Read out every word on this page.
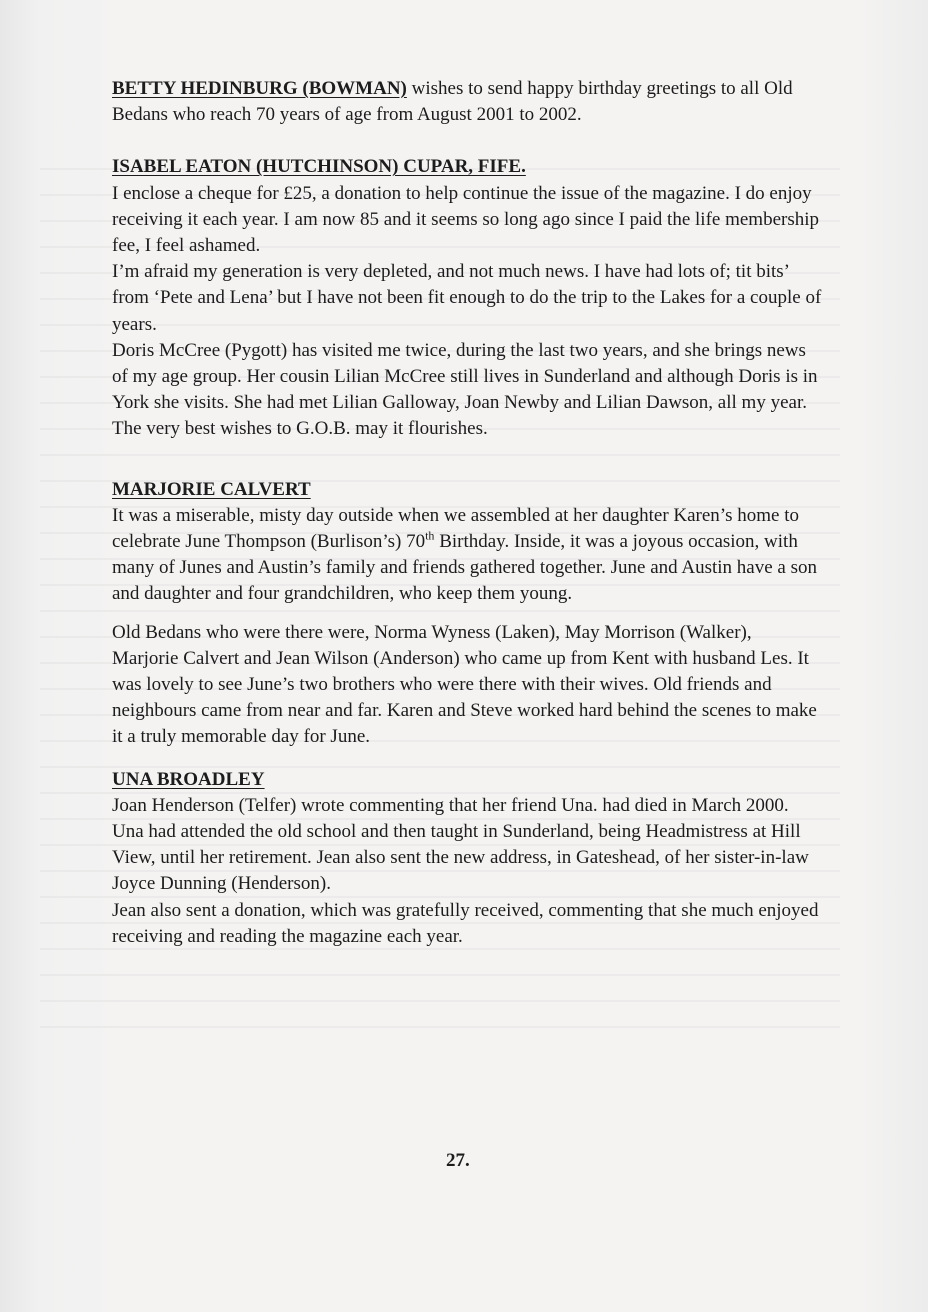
BETTY HEDINBURG (BOWMAN) wishes to send happy birthday greetings to all Old Bedans who reach 70 years of age from August 2001 to 2002.

ISABEL EATON (HUTCHINSON) CUPAR, FIFE.

I enclose a cheque for £25, a donation to help continue the issue of the magazine. I do enjoy receiving it each year. I am now 85 and it seems so long ago since I paid the life membership fee, I feel ashamed.

I’m afraid my generation is very depleted, and not much news. I have had lots of; tit bits’ from ‘Pete and Lena’ but I have not been fit enough to do the trip to the Lakes for a couple of years.

Doris McCree (Pygott) has visited me twice, during the last two years, and she brings news of my age group. Her cousin Lilian McCree still lives in Sunderland and although Doris is in York she visits. She had met Lilian Galloway, Joan Newby and Lilian Dawson, all my year.

The very best wishes to G.O.B. may it flourishes.

MARJORIE CALVERT

It was a miserable, misty day outside when we assembled at her daughter Karen’s home to celebrate June Thompson (Burlison’s) 70th Birthday. Inside, it was a joyous occasion, with many of Junes and Austin’s family and friends gathered together. June and Austin have a son and daughter and four grandchildren, who keep them young.

Old Bedans who were there were, Norma Wyness (Laken), May Morrison (Walker), Marjorie Calvert and Jean Wilson (Anderson) who came up from Kent with husband Les. It was lovely to see June’s two brothers who were there with their wives. Old friends and neighbours came from near and far. Karen and Steve worked hard behind the scenes to make it a truly memorable day for June.

UNA BROADLEY

Joan Henderson (Telfer) wrote commenting that her friend Una. had died in March 2000. Una had attended the old school and then taught in Sunderland, being Headmistress at Hill View, until her retirement. Jean also sent the new address, in Gateshead, of her sister-in-law Joyce Dunning (Henderson).

Jean also sent a donation, which was gratefully received, commenting that she much enjoyed receiving and reading the magazine each year.

27.
